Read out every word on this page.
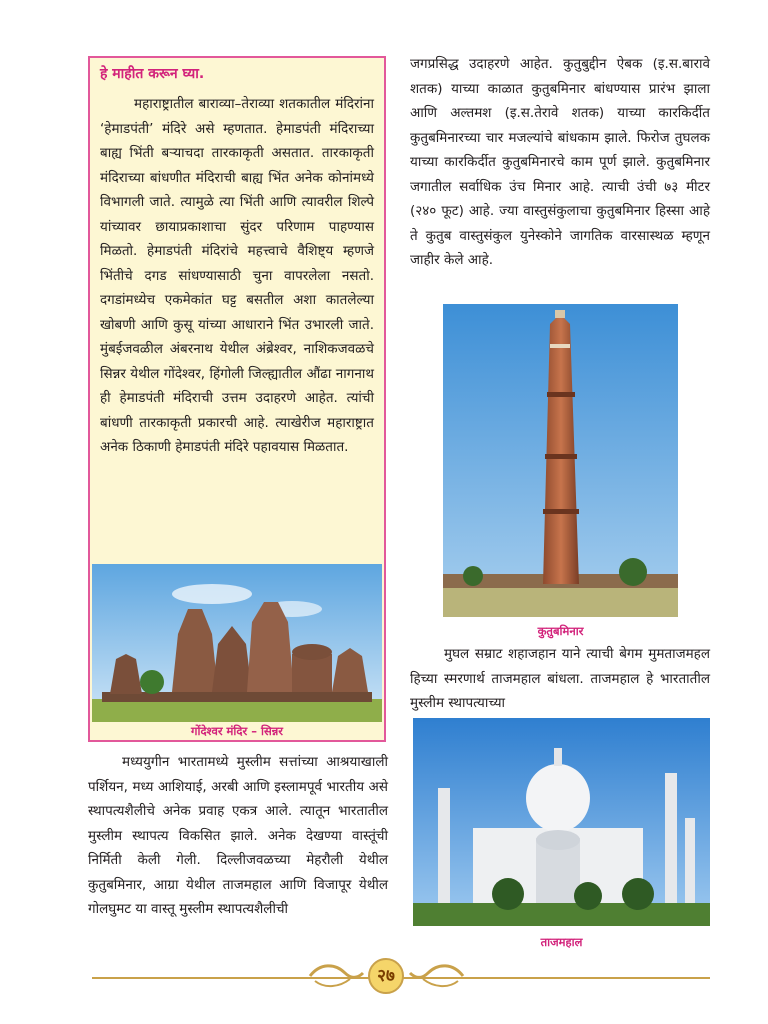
हे माहीत करून घ्या.
महाराष्ट्रातील बाराव्या–तेराव्या शतकातील मंदिरांना ‘हेमाडपंती’ मंदिरे असे म्हणतात. हेमाडपंती मंदिराच्या बाह्य भिंती बऱ्याचदा तारकाकृती असतात. तारकाकृती मंदिराच्या बांधणीत मंदिराची बाह्य भिंत अनेक कोनांमध्ये विभागली जाते. त्यामुळे त्या भिंती आणि त्यावरील शिल्पे यांच्यावर छायाप्रकाशाचा सुंदर परिणाम पाहण्यास मिळतो. हेमाडपंती मंदिरांचे महत्त्वाचे वैशिष्ट्य म्हणजे भिंतीचे दगड सांधण्यासाठी चुना वापरलेला नसतो. दगडांमध्येच एकमेकांत घट्ट बसतील अशा कातलेल्या खोबणी आणि कुसू यांच्या आधाराने भिंत उभारली जाते. मुंबईजवळील अंबरनाथ येथील अंब्रेश्वर, नाशिकजवळचे सिन्नर येथील गोंदेश्वर, हिंगोली जिल्ह्यातील औंढा नागनाथ ही हेमाडपंती मंदिराची उत्तम उदाहरणे आहेत. त्यांची बांधणी तारकाकृती प्रकारची आहे. त्याखेरीज महाराष्ट्रात अनेक ठिकाणी हेमाडपंती मंदिरे पहावयास मिळतात.
गोंदेश्वर मंदिर – सिन्नर
मध्ययुगीन भारतामध्ये मुस्लीम सत्तांच्या आश्रयाखाली पर्शियन, मध्य आशियाई, अरबी आणि इस्लामपूर्व भारतीय असे स्थापत्यशैलीचे अनेक प्रवाह एकत्र आले. त्यातून भारतातील मुस्लीम स्थापत्य विकसित झाले. अनेक देखण्या वास्तूंची निर्मिती केली गेली. दिल्लीजवळच्या मेहरौली येथील कुतुबमिनार, आग्रा येथील ताजमहाल आणि विजापूर येथील गोलघुमट या वास्तू मुस्लीम स्थापत्यशैलीची
जगप्रसिद्ध उदाहरणे आहेत. कुतुबुद्दीन ऐबक (इ.स.बारावे शतक) याच्या काळात कुतुबमिनार बांधण्यास प्रारंभ झाला आणि अल्तमश (इ.स.तेरावे शतक) याच्या कारकिर्दीत कुतुबमिनारच्या चार मजल्यांचे बांधकाम झाले. फिरोज तुघलक याच्या कारकिर्दीत कुतुबमिनारचे काम पूर्ण झाले. कुतुबमिनार जगातील सर्वाधिक उंच मिनार आहे. त्याची उंची ७३ मीटर (२४० फूट) आहे. ज्या वास्तुसंकुलाचा कुतुबमिनार हिस्सा आहे ते कुतुब वास्तुसंकुल युनेस्कोने जागतिक वारसास्थळ म्हणून जाहीर केले आहे.
कुतुबमिनार
मुघल सम्राट शहाजहान याने त्याची बेगम मुमताजमहल हिच्या स्मरणार्थ ताजमहाल बांधला. ताजमहाल हे भारतातील मुस्लीम स्थापत्याच्या
ताजमहाल
२७
